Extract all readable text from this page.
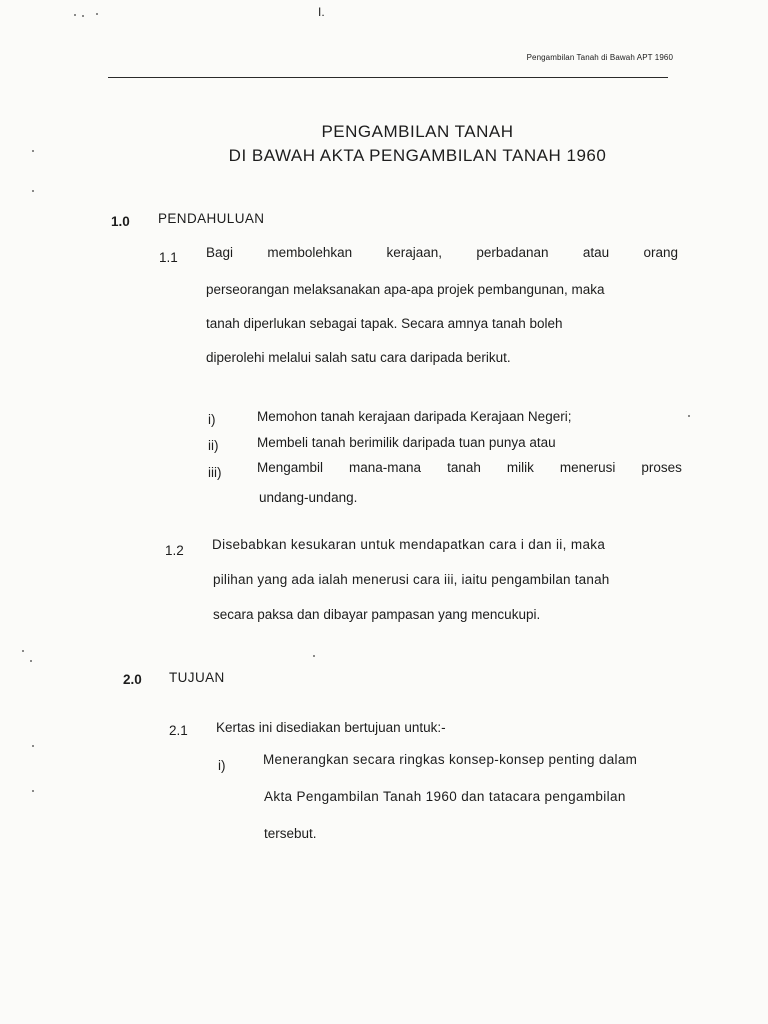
I.
Pengambilan Tanah di Bawah APT 1960
PENGAMBILAN TANAH
DI BAWAH AKTA PENGAMBILAN TANAH 1960
1.0 PENDAHULUAN
1.1 Bagi	membolehkan	kerajaan,	perbadanan	atau	orang
perseorangan melaksanakan apa-apa projek pembangunan, maka
tanah diperlukan sebagai tapak. Secara amnya tanah boleh
diperolehi melalui salah satu cara daripada berikut.
i)	Memohon tanah kerajaan daripada Kerajaan Negeri;
ii)	Membeli tanah berimilik daripada tuan punya atau
iii)	Mengambil mana-mana tanah milik menerusi proses
undang-undang.
1.2 Disebabkan kesukaran untuk mendapatkan cara i dan ii, maka
pilihan yang ada ialah menerusi cara iii, iaitu pengambilan tanah
secara paksa dan dibayar pampasan yang mencukupi.
2.0 TUJUAN
2.1 Kertas ini disediakan bertujuan untuk:-
i)	Menerangkan secara ringkas konsep-konsep penting dalam
Akta Pengambilan Tanah 1960 dan tatacara pengambilan
tersebut.
